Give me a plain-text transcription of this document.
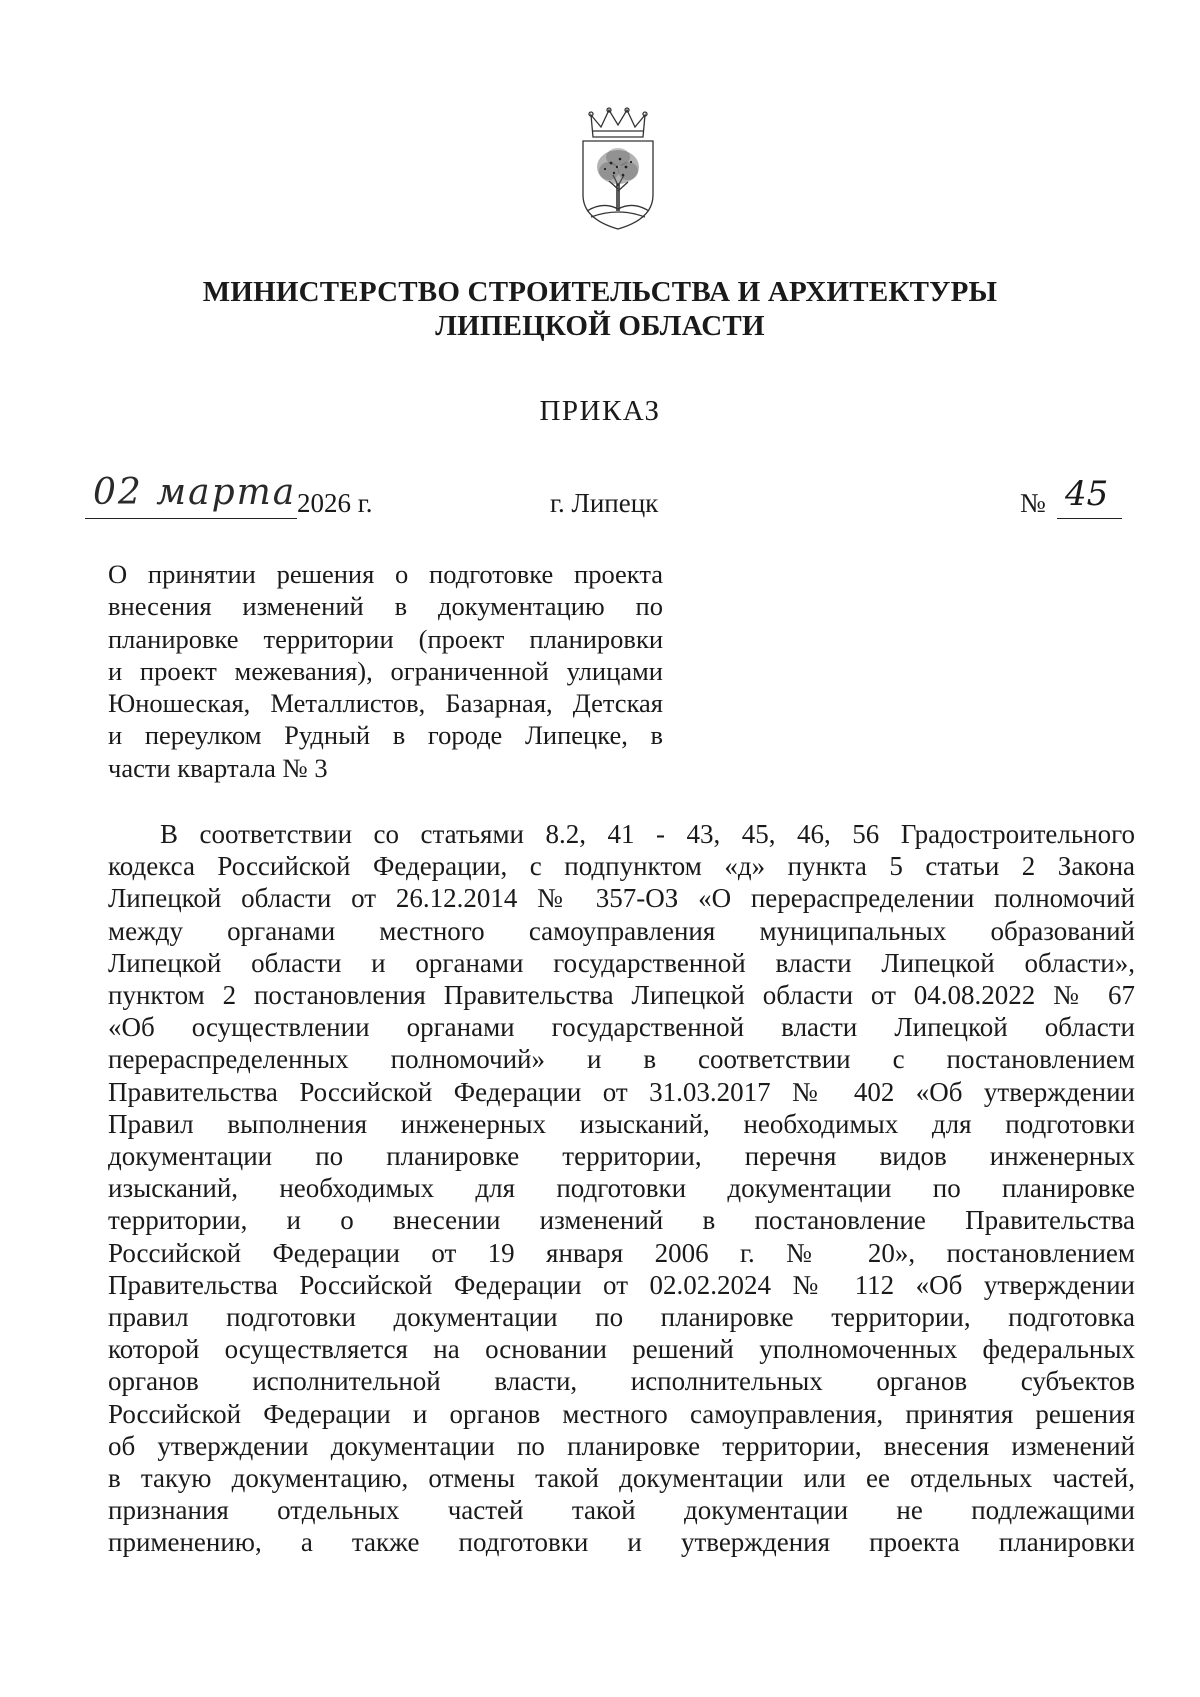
МИНИСТЕРСТВО СТРОИТЕЛЬСТВА И АРХИТЕКТУРЫ
ЛИПЕЦКОЙ ОБЛАСТИ
ПРИКАЗ
02 марта 2026 г.	г. Липецк	№ 45
О принятии решения о подготовке проекта
внесения изменений в документацию по
планировке территории (проект планировки
и проект межевания), ограниченной улицами
Юношеская, Металлистов, Базарная, Детская
и переулком Рудный в городе Липецке, в
части квартала № 3
В соответствии со статьями 8.2, 41 - 43, 45, 46, 56 Градостроительного
кодекса Российской Федерации, с подпунктом «д» пункта 5 статьи 2 Закона
Липецкой области от 26.12.2014 № 357-ОЗ «О перераспределении полномочий
между органами местного самоуправления муниципальных образований
Липецкой области и органами государственной власти Липецкой области»,
пунктом 2 постановления Правительства Липецкой области от 04.08.2022 № 67
«Об осуществлении органами государственной власти Липецкой области
перераспределенных полномочий» и в соответствии с постановлением
Правительства Российской Федерации от 31.03.2017 № 402 «Об утверждении
Правил выполнения инженерных изысканий, необходимых для подготовки
документации по планировке территории, перечня видов инженерных
изысканий, необходимых для подготовки документации по планировке
территории, и о внесении изменений в постановление Правительства
Российской Федерации от 19 января 2006 г. № 20», постановлением
Правительства Российской Федерации от 02.02.2024 № 112 «Об утверждении
правил подготовки документации по планировке территории, подготовка
которой осуществляется на основании решений уполномоченных федеральных
органов исполнительной власти, исполнительных органов субъектов
Российской Федерации и органов местного самоуправления, принятия решения
об утверждении документации по планировке территории, внесения изменений
в такую документацию, отмены такой документации или ее отдельных частей,
признания отдельных частей такой документации не подлежащими
применению, а также подготовки и утверждения проекта планировки
